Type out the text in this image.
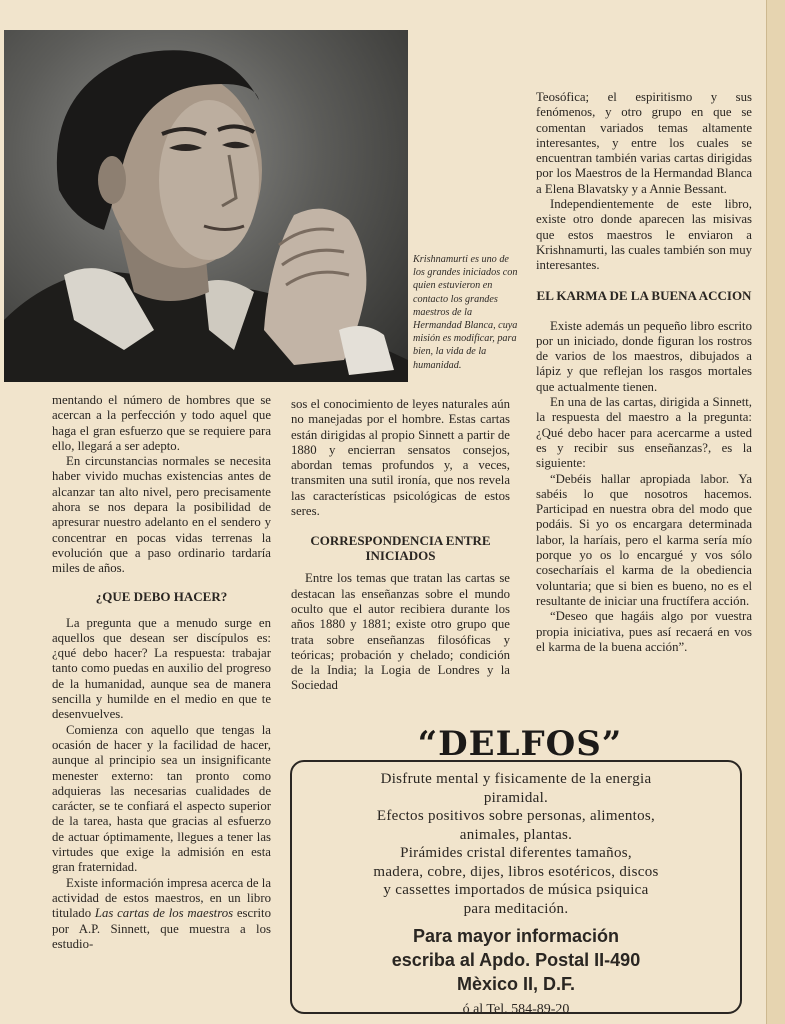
Krishnamurti es uno de los grandes iniciados con quien estuvieron en contacto los grandes maestros de la Hermandad Blanca, cuya misión es modificar, para bien, la vida de la humanidad.

mentando el número de hombres que se acercan a la perfección y todo aquel que haga el gran esfuerzo que se requiere para ello, llegará a ser adepto.

En circunstancias normales se necesita haber vivido muchas existencias antes de alcanzar tan alto nivel, pero precisamente ahora se nos depara la posibilidad de apresurar nuestro adelanto en el sendero y concentrar en pocas vidas terrenas la evolución que a paso ordinario tardaría miles de años.

¿QUE DEBO HACER?

La pregunta que a menudo surge en aquellos que desean ser discípulos es: ¿qué debo hacer? La respuesta: trabajar tanto como puedas en auxilio del progreso de la humanidad, aunque sea de manera sencilla y humilde en el medio en que te desenvuelves.

Comienza con aquello que tengas la ocasión de hacer y la facilidad de hacer, aunque al principio sea un insignificante menester externo: tan pronto como adquieras las necesarias cualidades de carácter, se te confiará el aspecto superior de la tarea, hasta que gracias al esfuerzo de actuar óptimamente, llegues a tener las virtudes que exige la admisión en esta gran fraternidad.

Existe información impresa acerca de la actividad de estos maestros, en un libro titulado Las cartas de los maestros escrito por A.P. Sinnett, que muestra a los estudio-

sos el conocimiento de leyes naturales aún no manejadas por el hombre. Estas cartas están dirigidas al propio Sinnett a partir de 1880 y encierran sensatos consejos, abordan temas profundos y, a veces, transmiten una sutil ironía, que nos revela las características psicológicas de estos seres.

CORRESPONDENCIA ENTRE INICIADOS

Entre los temas que tratan las cartas se destacan las enseñanzas sobre el mundo oculto que el autor recibiera durante los años 1880 y 1881; existe otro grupo que trata sobre enseñanzas filosóficas y teóricas; probación y chelado; condición de la India; la Logia de Londres y la Sociedad

Teosófica; el espiritismo y sus fenómenos, y otro grupo en que se comentan variados temas altamente interesantes, y entre los cuales se encuentran también varias cartas dirigidas por los Maestros de la Hermandad Blanca a Elena Blavatsky y a Annie Bessant.

Independientemente de este libro, existe otro donde aparecen las misivas que estos maestros le enviaron a Krishnamurti, las cuales también son muy interesantes.

EL KARMA DE LA BUENA ACCION

Existe además un pequeño libro escrito por un iniciado, donde figuran los rostros de varios de los maestros, dibujados a lápiz y que reflejan los rasgos mortales que actualmente tienen.

En una de las cartas, dirigida a Sinnett, la respuesta del maestro a la pregunta: ¿Qué debo hacer para acercarme a usted es y recibir sus enseñanzas?, es la siguiente:

“Debéis hallar apropiada labor. Ya sabéis lo que nosotros hacemos. Participad en nuestra obra del modo que podáis. Si yo os encargara determinada labor, la haríais, pero el karma sería mío porque yo os lo encargué y vos sólo cosecharíais el karma de la obediencia voluntaria; que si bien es bueno, no es el resultante de iniciar una fructífera acción.

“Deseo que hagáis algo por vuestra propia iniciativa, pues así recaerá en vos el karma de la buena acción”.

“DELFOS”
Disfrute mental y fisicamente de la energia
piramidal.
Efectos positivos sobre personas, alimentos,
animales, plantas.
Pirámides cristal diferentes tamaños,
madera, cobre, dijes, libros esotéricos, discos
y cassettes importados de música psiquica
para meditación.
Para mayor información
escriba al Apdo. Postal II-490
Mèxico II, D.F.
ó al Tel. 584-89-20
